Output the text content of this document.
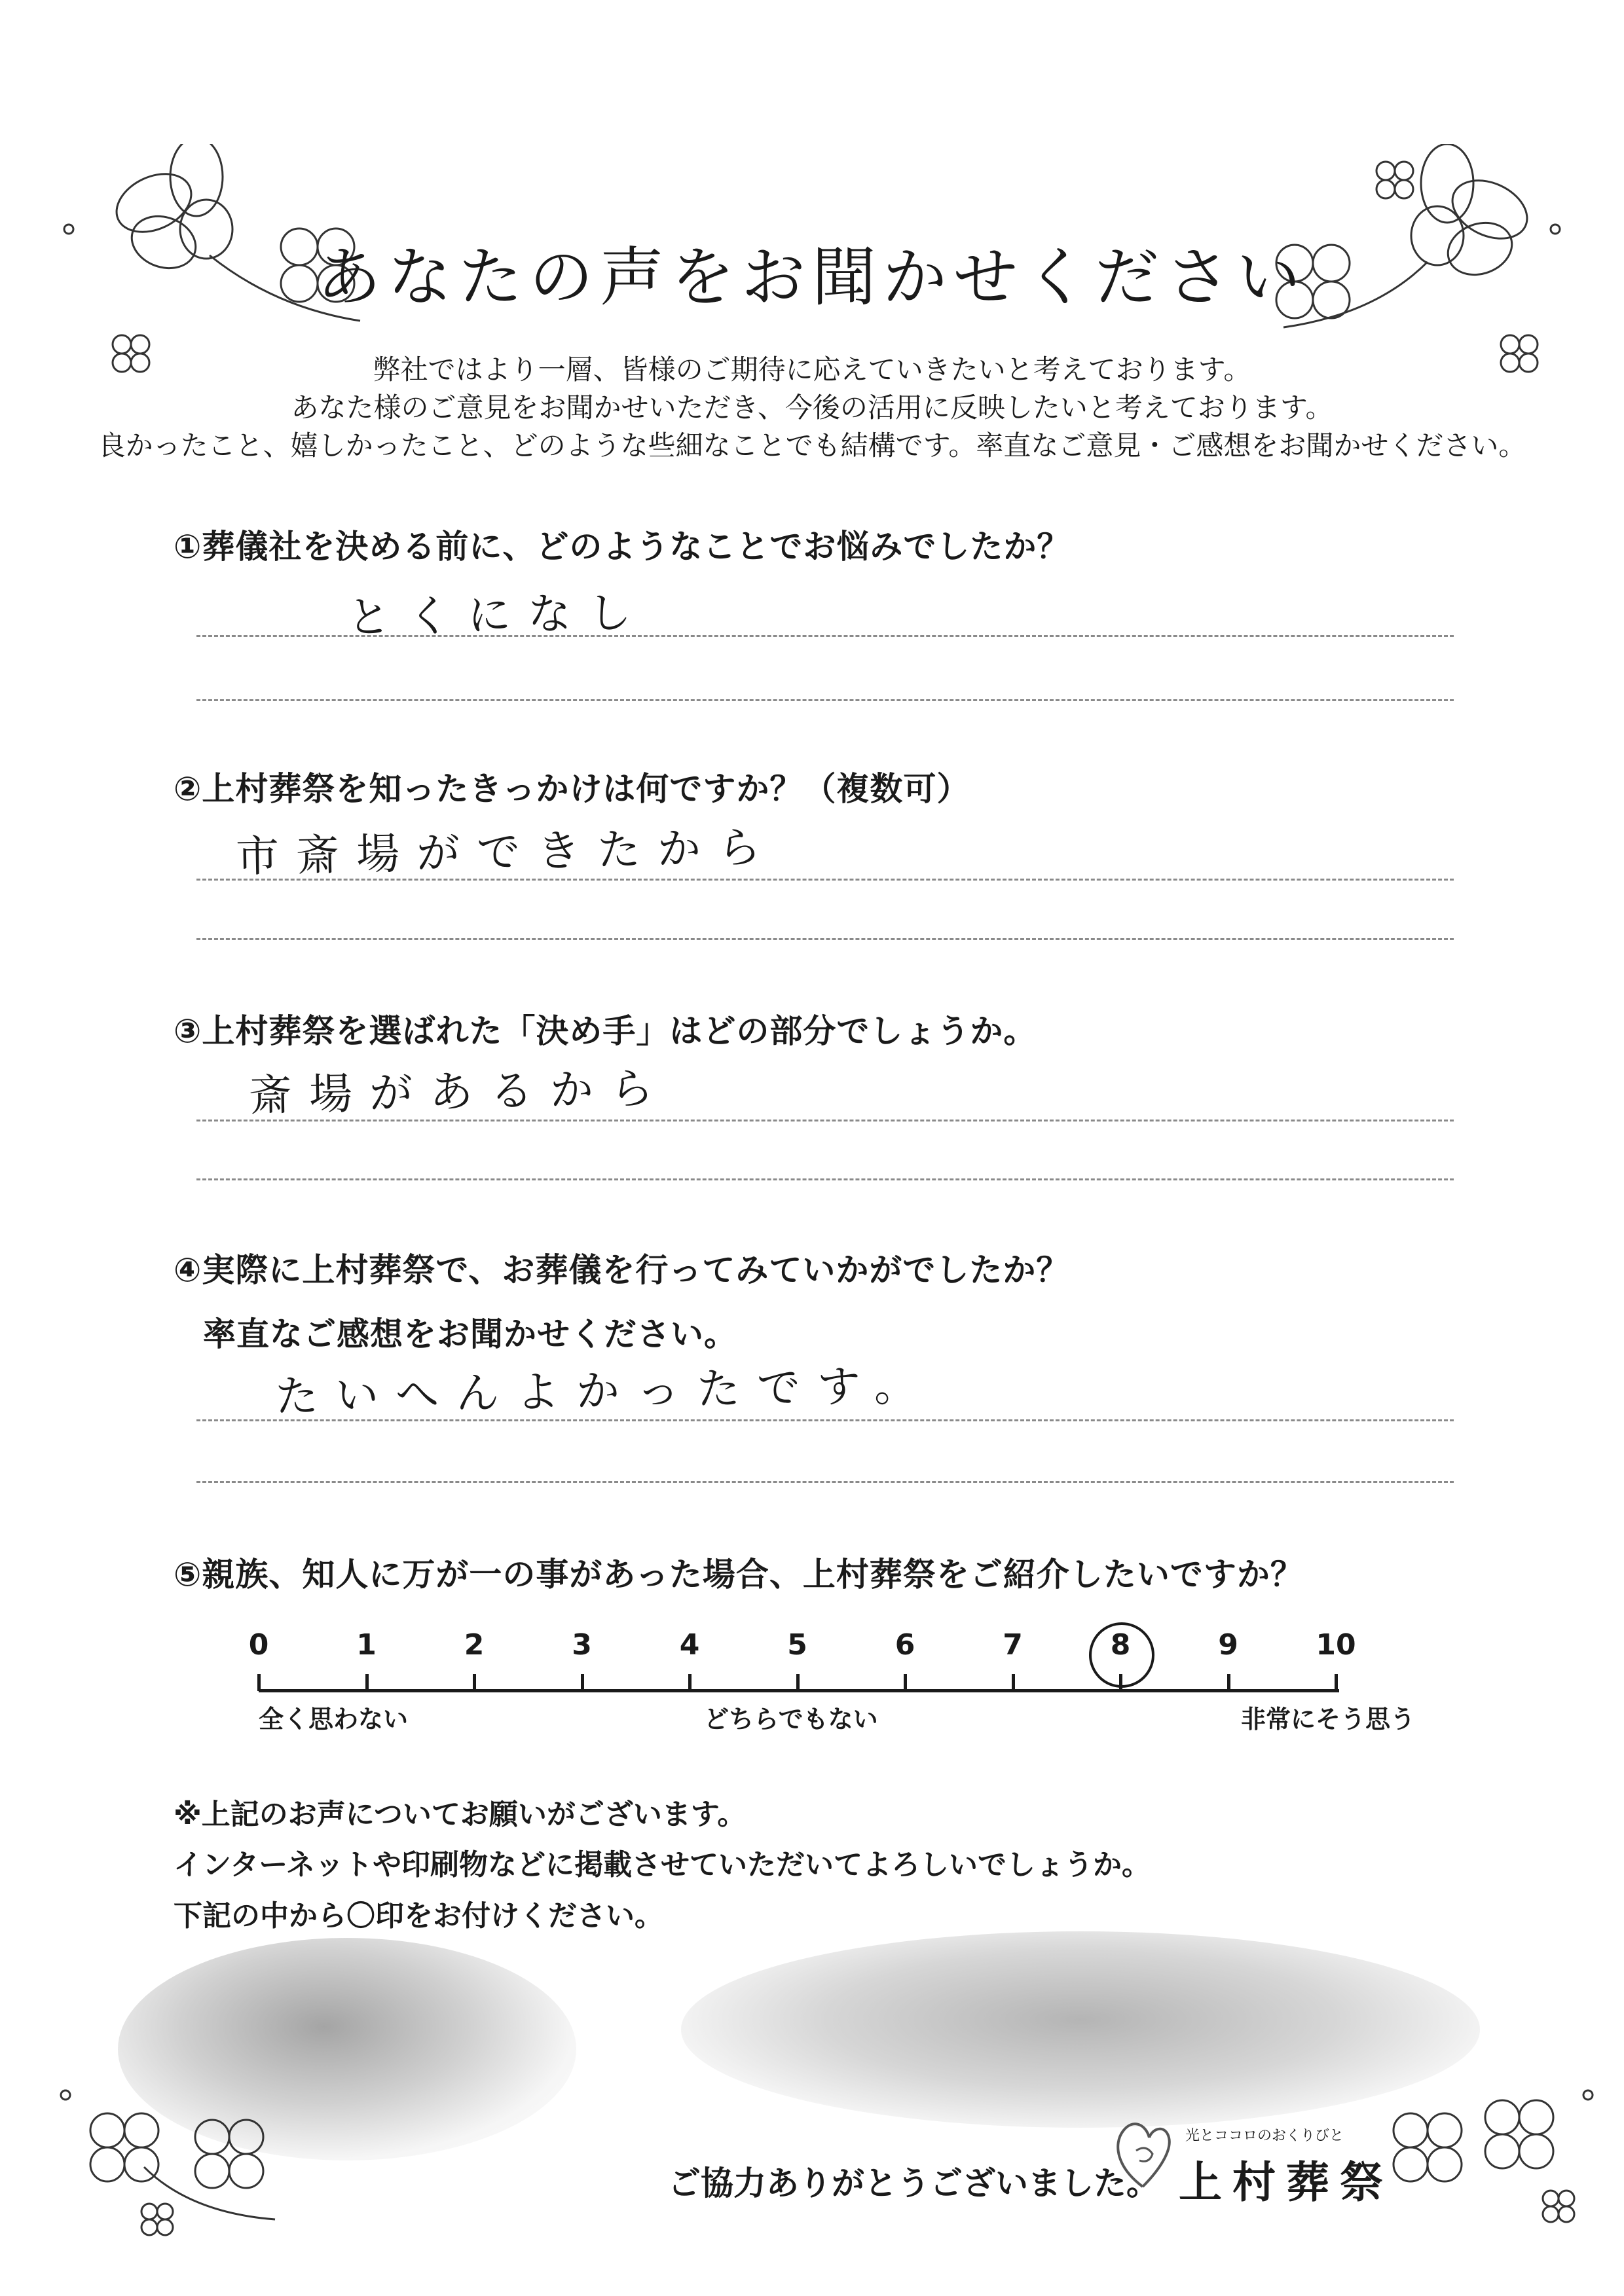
あなたの声をお聞かせください
弊社ではより一層、皆様のご期待に応えていきたいと考えております。
あなた様のご意見をお聞かせいただき、今後の活用に反映したいと考えております。
良かったこと、嬉しかったこと、どのような些細なことでも結構です。率直なご意見・ご感想をお聞かせください。
①葬儀社を決める前に、どのようなことでお悩みでしたか？
とくになし
②上村葬祭を知ったきっかけは何ですか？（複数可）
市斎場ができたから
③上村葬祭を選ばれた「決め手」はどの部分でしょうか。
斎場があるから
④実際に上村葬祭で、お葬儀を行ってみていかがでしたか？
率直なご感想をお聞かせください。
たいへんよかったです。
⑤親族、知人に万が一の事があった場合、上村葬祭をご紹介したいですか？
0	1	2	3	4	5	6	7	8	9	10
全く思わない	どちらでもない	非常にそう思う
※上記のお声についてお願いがございます。
インターネットや印刷物などに掲載させていただいてよろしいでしょうか。
下記の中から〇印をお付けください。
ご協力ありがとうございました。
光とココロのおくりびと
上村葬祭
